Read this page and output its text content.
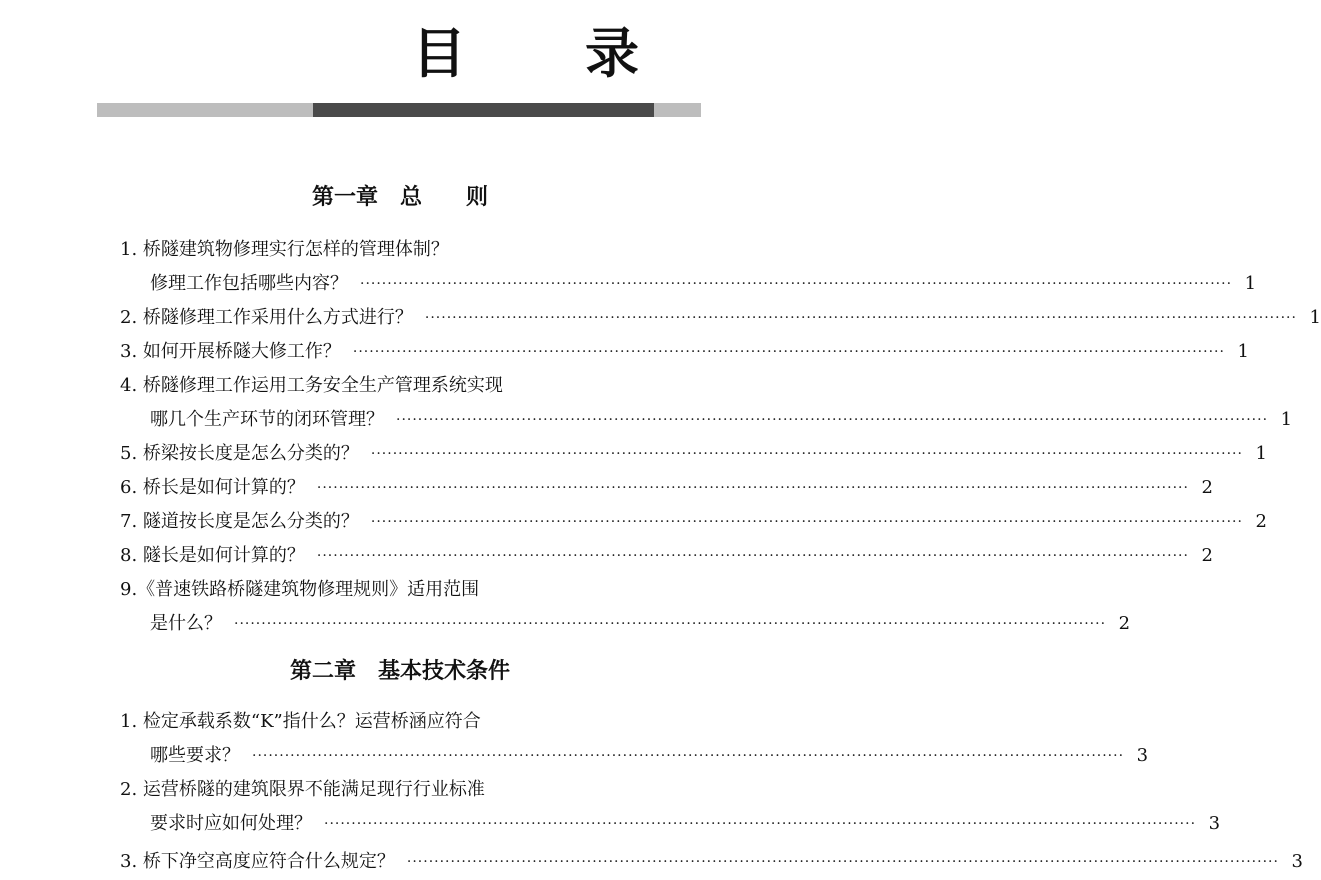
目 录
第一章　总　　则
1. 桥隧建筑物修理实行怎样的管理体制？
修理工作包括哪些内容？ ································································································································································ 1
2. 桥隧修理工作采用什么方式进行？ ································································································································································ 1
3. 如何开展桥隧大修工作？ ································································································································································ 1
4. 桥隧修理工作运用工务安全生产管理系统实现
哪几个生产环节的闭环管理？ ································································································································································ 1
5. 桥梁按长度是怎么分类的？ ································································································································································ 1
6. 桥长是如何计算的？ ································································································································································ 2
7. 隧道按长度是怎么分类的？ ································································································································································ 2
8. 隧长是如何计算的？ ································································································································································ 2
9.《普速铁路桥隧建筑物修理规则》适用范围
是什么？ ································································································································································ 2
第二章　基本技术条件
1. 检定承载系数“K”指什么？运营桥涵应符合
哪些要求？ ································································································································································ 3
2. 运营桥隧的建筑限界不能满足现行行业标准
要求时应如何处理？ ································································································································································ 3
3. 桥下净空高度应符合什么规定？ ································································································································································ 3
